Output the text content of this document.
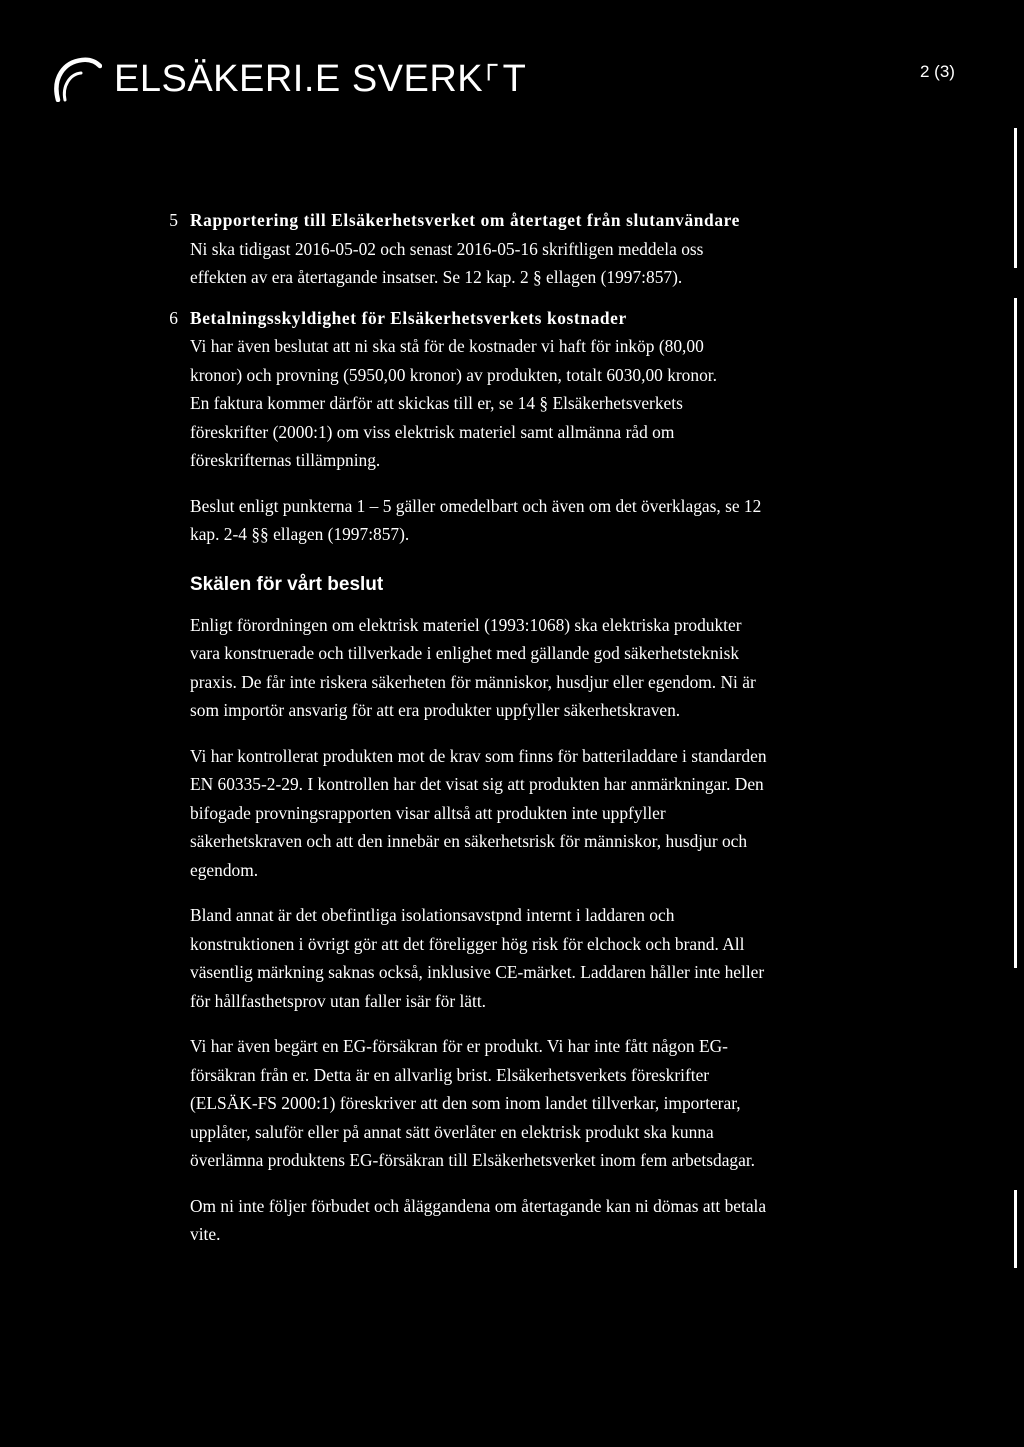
ELSÄKERI.E SVERK⸀T	2 (3)
5 Rapportering till Elsäkerhetsverket om återtaget från slutanvändare
Ni ska tidigast 2016-05-02 och senast 2016-05-16 skriftligen meddela oss
effekten av era återtagande insatser. Se 12 kap. 2 § ellagen (1997:857).
6 Betalningsskyldighet för Elsäkerhetsverkets kostnader
Vi har även beslutat att ni ska stå för de kostnader vi haft för inköp (80,00
kronor) och provning (5950,00 kronor) av produkten, totalt 6030,00 kronor.
En faktura kommer därför att skickas till er, se 14 § Elsäkerhetsverkets
föreskrifter (2000:1) om viss elektrisk materiel samt allmänna råd om
föreskrifternas tillämpning.
Beslut enligt punkterna 1 – 5 gäller omedelbart och även om det överklagas, se 12
kap. 2-4 §§ ellagen (1997:857).
Skälen för vårt beslut
Enligt förordningen om elektrisk materiel (1993:1068) ska elektriska produkter
vara konstruerade och tillverkade i enlighet med gällande god säkerhetsteknisk
praxis. De får inte riskera säkerheten för människor, husdjur eller egendom. Ni är
som importör ansvarig för att era produkter uppfyller säkerhetskraven.
Vi har kontrollerat produkten mot de krav som finns för batteriladdare i standarden
EN 60335-2-29. I kontrollen har det visat sig att produkten har anmärkningar. Den
bifogade provningsrapporten visar alltså att produkten inte uppfyller
säkerhetskraven och att den innebär en säkerhetsrisk för människor, husdjur och
egendom.
Bland annat är det obefintliga isolationsavstpnd internt i laddaren och
konstruktionen i övrigt gör att det föreligger hög risk för elchock och brand. All
väsentlig märkning saknas också, inklusive CE-märket. Laddaren håller inte heller
för hållfasthetsprov utan faller isär för lätt.
Vi har även begärt en EG-försäkran för er produkt. Vi har inte fått någon EG-
försäkran från er. Detta är en allvarlig brist. Elsäkerhetsverkets föreskrifter
(ELSÄK-FS 2000:1) föreskriver att den som inom landet tillverkar, importerar,
upplåter, saluför eller på annat sätt överlåter en elektrisk produkt ska kunna
överlämna produktens EG-försäkran till Elsäkerhetsverket inom fem arbetsdagar.
Om ni inte följer förbudet och åläggandena om återtagande kan ni dömas att betala
vite.
